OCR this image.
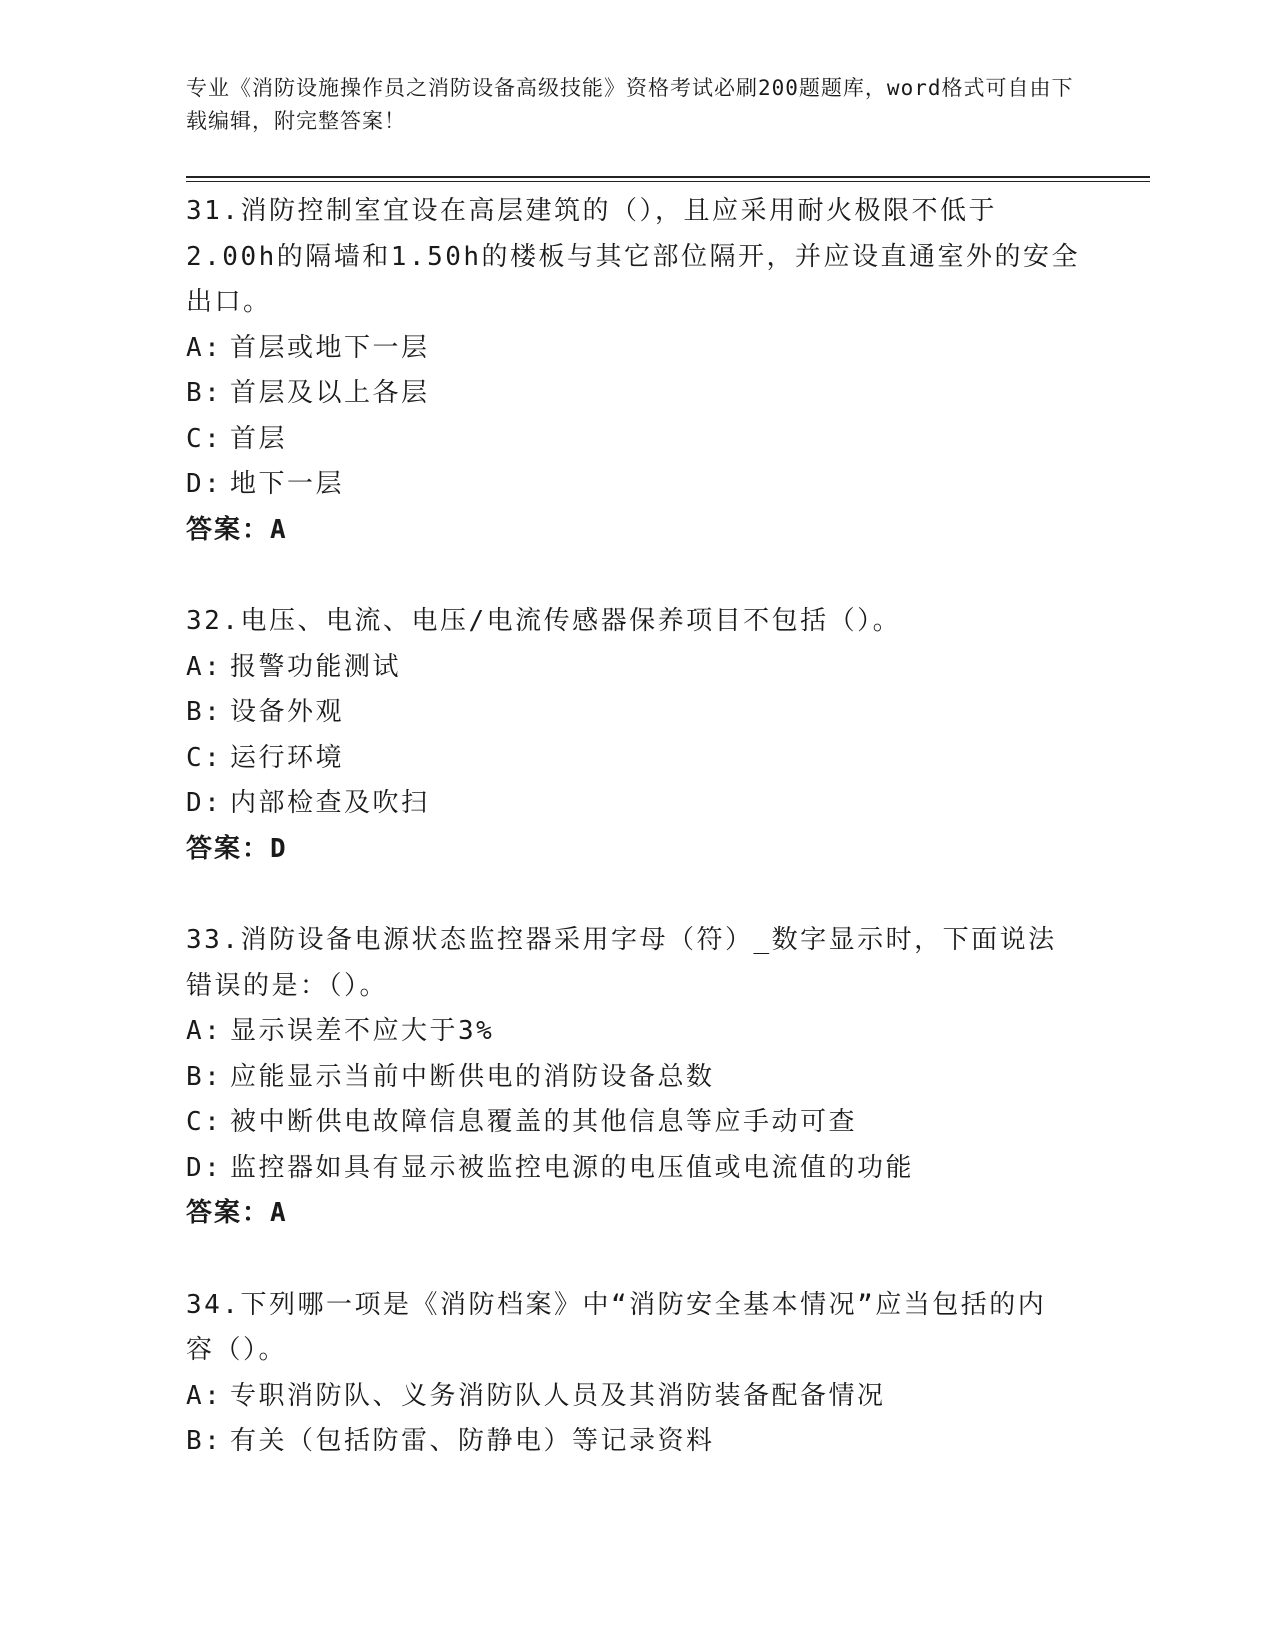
专业《消防设施操作员之消防设备高级技能》资格考试必刷200题题库，word格式可自由下载编辑，附完整答案！
31.消防控制室宜设在高层建筑的（），且应采用耐火极限不低于
2.00h的隔墙和1.50h的楼板与其它部位隔开，并应设直通室外的安全
出口。
A: 首层或地下一层
B: 首层及以上各层
C: 首层
D: 地下一层
答案：A
32.电压、电流、电压/电流传感器保养项目不包括（）。
A: 报警功能测试
B: 设备外观
C: 运行环境
D: 内部检查及吹扫
答案：D
33.消防设备电源状态监控器采用字母（符）_数字显示时，下面说法
错误的是：（）。
A: 显示误差不应大于3%
B: 应能显示当前中断供电的消防设备总数
C: 被中断供电故障信息覆盖的其他信息等应手动可查
D: 监控器如具有显示被监控电源的电压值或电流值的功能
答案：A
34.下列哪一项是《消防档案》中“消防安全基本情况”应当包括的内
容（）。
A: 专职消防队、义务消防队人员及其消防装备配备情况
B: 有关（包括防雷、防静电）等记录资料
